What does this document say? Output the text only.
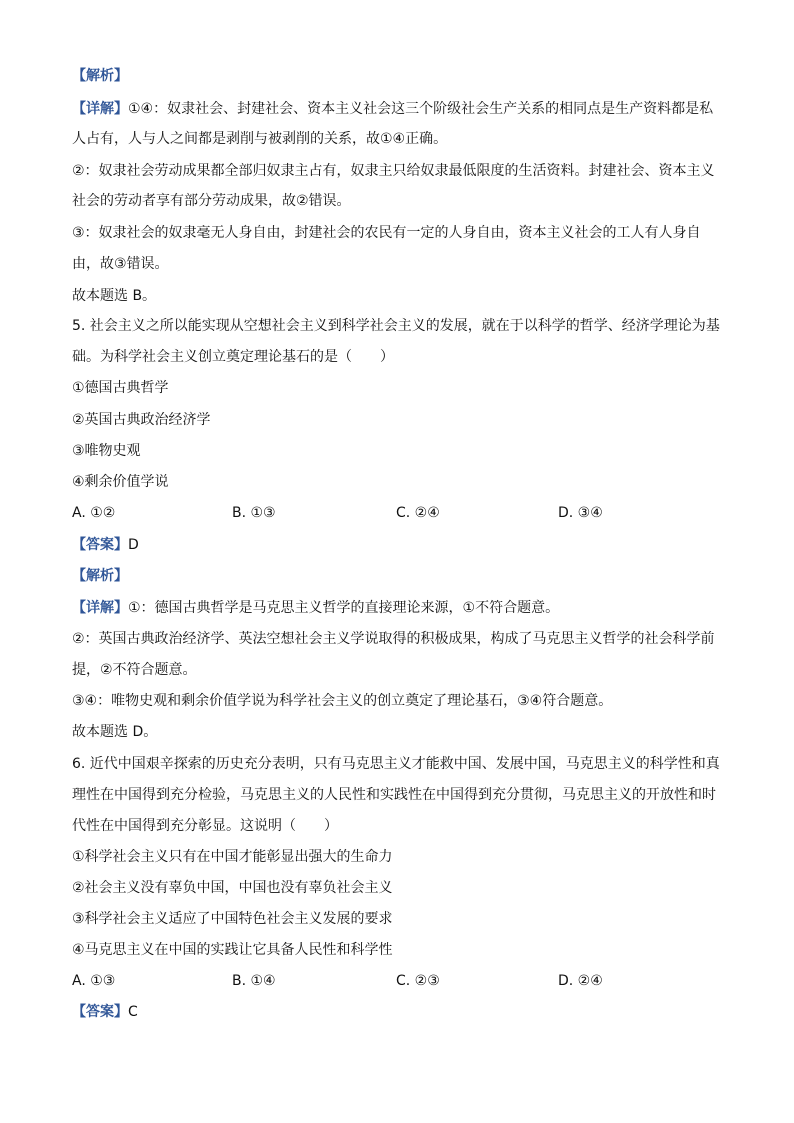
【解析】
【详解】①④：奴隶社会、封建社会、资本主义社会这三个阶级社会生产关系的相同点是生产资料都是私
人占有，人与人之间都是剥削与被剥削的关系，故①④正确。
②：奴隶社会劳动成果都全部归奴隶主占有，奴隶主只给奴隶最低限度的生活资料。封建社会、资本主义
社会的劳动者享有部分劳动成果，故②错误。
③：奴隶社会的奴隶毫无人身自由，封建社会的农民有一定的人身自由，资本主义社会的工人有人身自
由，故③错误。
故本题选 B。
5. 社会主义之所以能实现从空想社会主义到科学社会主义的发展，就在于以科学的哲学、经济学理论为基
础。为科学社会主义创立奠定理论基石的是（　　）
①德国古典哲学
②英国古典政治经济学
③唯物史观
④剩余价值学说
A. ①②	B. ①③	C. ②④	D. ③④
【答案】D
【解析】
【详解】①：德国古典哲学是马克思主义哲学的直接理论来源，①不符合题意。
②：英国古典政治经济学、英法空想社会主义学说取得的积极成果，构成了马克思主义哲学的社会科学前
提，②不符合题意。
③④：唯物史观和剩余价值学说为科学社会主义的创立奠定了理论基石，③④符合题意。
故本题选 D。
6. 近代中国艰辛探索的历史充分表明，只有马克思主义才能救中国、发展中国，马克思主义的科学性和真
理性在中国得到充分检验，马克思主义的人民性和实践性在中国得到充分贯彻，马克思主义的开放性和时
代性在中国得到充分彰显。这说明（　　）
①科学社会主义只有在中国才能彰显出强大的生命力
②社会主义没有辜负中国，中国也没有辜负社会主义
③科学社会主义适应了中国特色社会主义发展的要求
④马克思主义在中国的实践让它具备人民性和科学性
A. ①③	B. ①④	C. ②③	D. ②④
【答案】C
